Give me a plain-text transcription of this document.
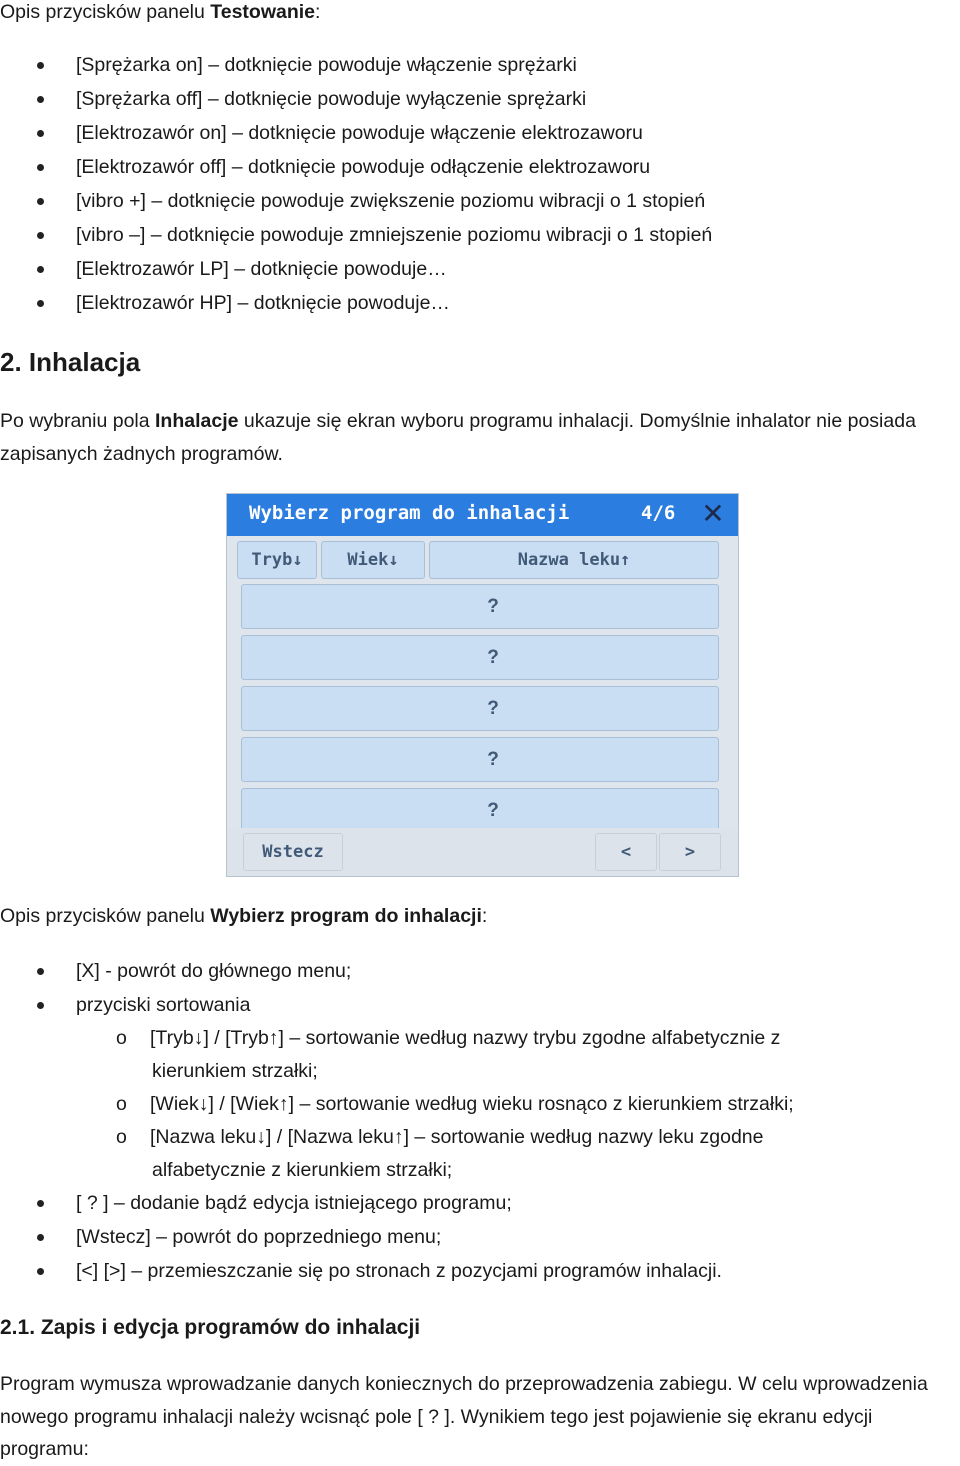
Opis przycisków panelu Testowanie:

[Sprężarka on] – dotknięcie powoduje włączenie sprężarki
[Sprężarka off] – dotknięcie powoduje wyłączenie sprężarki
[Elektrozawór on] – dotknięcie powoduje włączenie elektrozaworu
[Elektrozawór off] – dotknięcie powoduje odłączenie elektrozaworu
[vibro +] – dotknięcie powoduje zwiększenie poziomu wibracji o 1 stopień
[vibro –] – dotknięcie powoduje zmniejszenie poziomu wibracji o 1 stopień
[Elektrozawór LP] – dotknięcie powoduje…
[Elektrozawór HP] – dotknięcie powoduje…
2. Inhalacja

Po wybraniu pola Inhalacje ukazuje się ekran wyboru programu inhalacji. Domyślnie inhalator nie posiada zapisanych żadnych programów.

Wybierz program do inhalacji	4/6 ✕
Tryb↓	Wiek↓	Nazwa leku↑
?
?
?
?
?
Wstecz	<	>

Opis przycisków panelu Wybierz program do inhalacji:

[X] - powrót do głównego menu;
przyciski sortowania
o [Tryb↓] / [Tryb↑] – sortowanie według nazwy trybu zgodne alfabetycznie z
kierunkiem strzałki;
o [Wiek↓] / [Wiek↑] – sortowanie według wieku rosnąco z kierunkiem strzałki;
o [Nazwa leku↓] / [Nazwa leku↑] – sortowanie według nazwy leku zgodne
alfabetycznie z kierunkiem strzałki;
[ ? ] – dodanie bądź edycja istniejącego programu;
[Wstecz] – powrót do poprzedniego menu;
[<] [>] – przemieszczanie się po stronach z pozycjami programów inhalacji.
2.1. Zapis i edycja programów do inhalacji

Program wymusza wprowadzanie danych koniecznych do przeprowadzenia zabiegu. W celu wprowadzenia nowego programu inhalacji należy wcisnąć pole [ ? ]. Wynikiem tego jest pojawienie się ekranu edycji programu:
